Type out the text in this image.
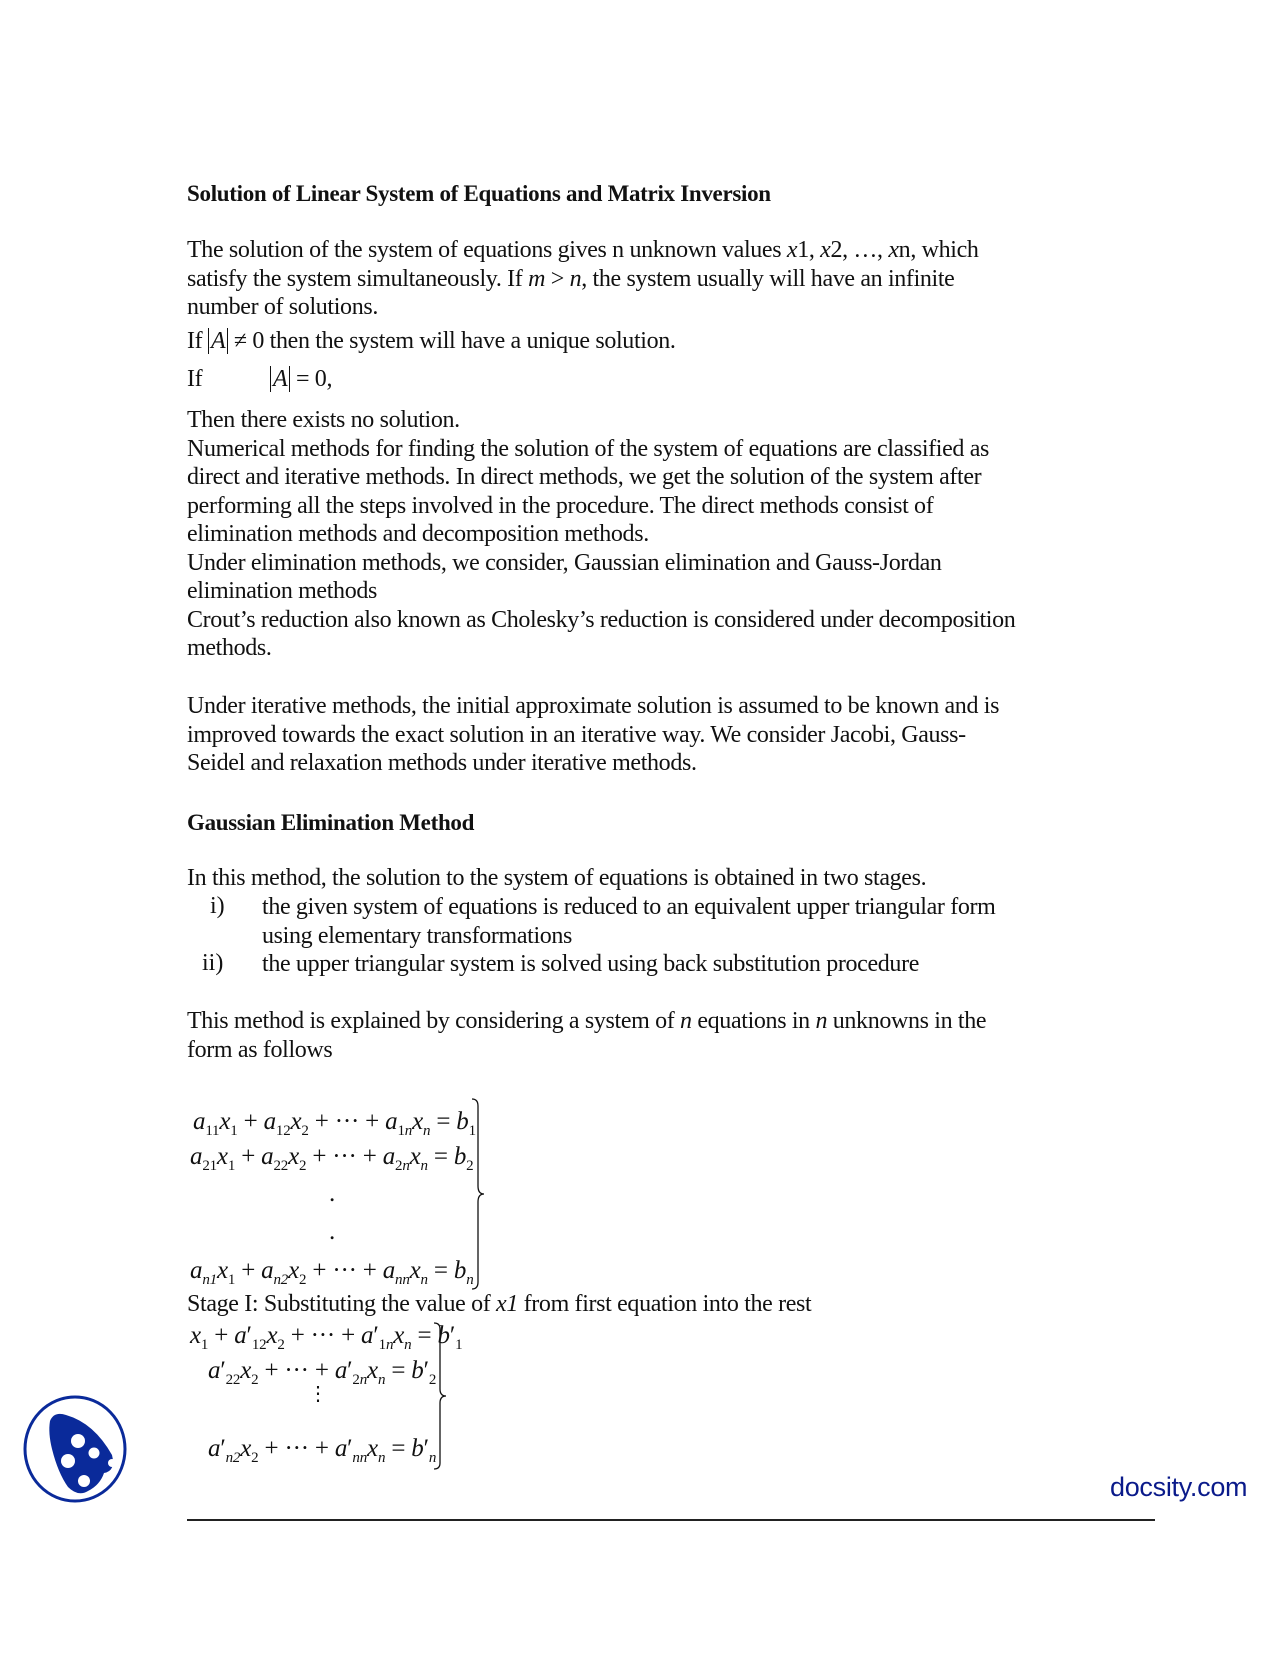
Solution of Linear System of Equations and Matrix Inversion
The solution of the system of equations gives n unknown values x1, x2, …, xn, which
satisfy the system simultaneously. If m > n, the system usually will have an infinite
number of solutions.
If A ≠ 0 then the system will have a unique solution.
If	A = 0,
Then there exists no solution.
Numerical methods for finding the solution of the system of equations are classified as
direct and iterative methods. In direct methods, we get the solution of the system after
performing all the steps involved in the procedure. The direct methods consist of
elimination methods and decomposition methods.
Under elimination methods, we consider, Gaussian elimination and Gauss-Jordan
elimination methods
Crout’s reduction also known as Cholesky’s reduction is considered under decomposition
methods.
Under iterative methods, the initial approximate solution is assumed to be known and is
improved towards the exact solution in an iterative way. We consider Jacobi, Gauss-
Seidel and relaxation methods under iterative methods.
Gaussian Elimination Method
In this method, the solution to the system of equations is obtained in two stages.
i) the given system of equations is reduced to an equivalent upper triangular form
using elementary transformations
ii) the upper triangular system is solved using back substitution procedure
This method is explained by considering a system of n equations in n unknowns in the
form as follows
$a_{11}x_1 + a_{12}x_2$ + ··· + $a_{1n}x_n = b_1$
$a_{21}x_1 + a_{22}x_2$ + ··· + $a_{2n}x_n = b_2$
.
.
$a_{n1}x_1 + a_{n2}x_2$ + ··· + $a_{nn}x_n = b_n$
Stage I: Substituting the value of x1 from first equation into the rest
$x_1 + a'_{12}x_2$ + ··· + $a'_{1n}x_n = b'_1$
$a'_{22}x_2$ + ··· + $a'_{2n}x_n = b'_2$
⋮
$a'_{n2}x_2$ + ··· + $a'_{nn}x_n = b'_n$
docsity.com
